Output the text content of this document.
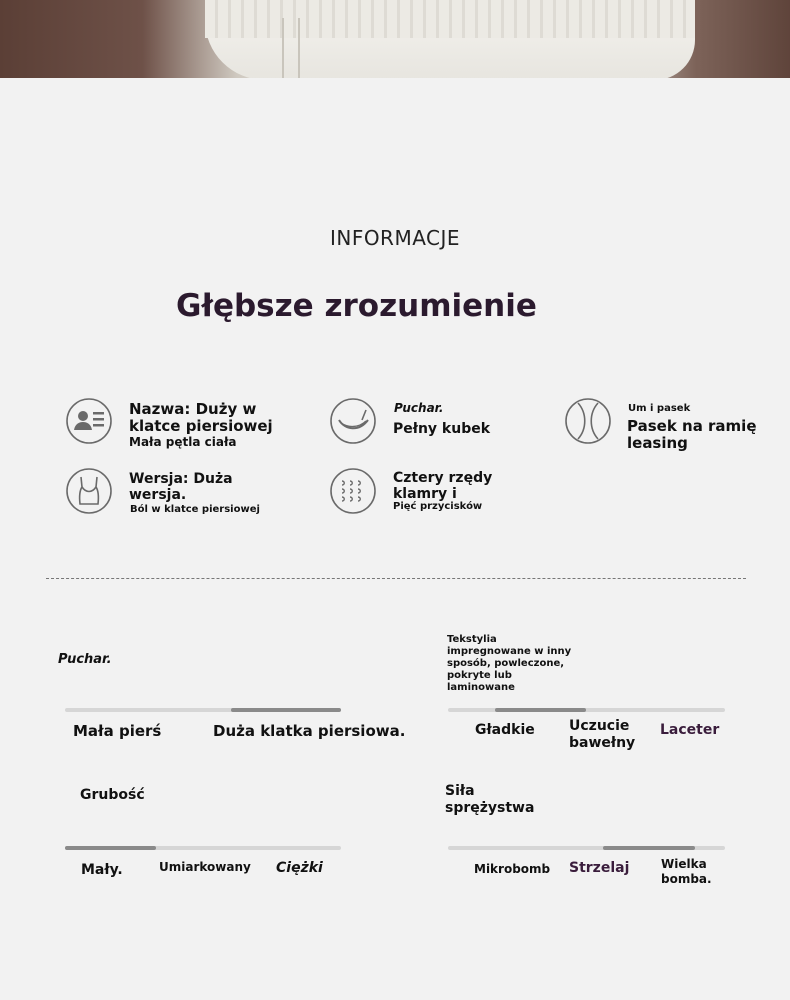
INFORMACJE
Głębsze zrozumienie
Nazwa: Duży w
klatce piersiowej
Mała pętla ciała
Puchar.
Pełny kubek
Um i pasek
Pasek na ramię
leasing
Wersja: Duża
wersja.
Ból w klatce piersiowej
Cztery rzędy
klamry i
Pięć przycisków
Puchar.
Mała pierś	Duża klatka piersiowa.
Tekstylia
impregnowane w inny
sposób, powleczone,
pokryte lub
laminowane
Gładkie Uczucie
bawełny
Laceter
Grubość
Mały.	Umiarkowany Ciężki
Siła
sprężystwa
Mikrobomb Strzelaj	Wielka
bomba.
